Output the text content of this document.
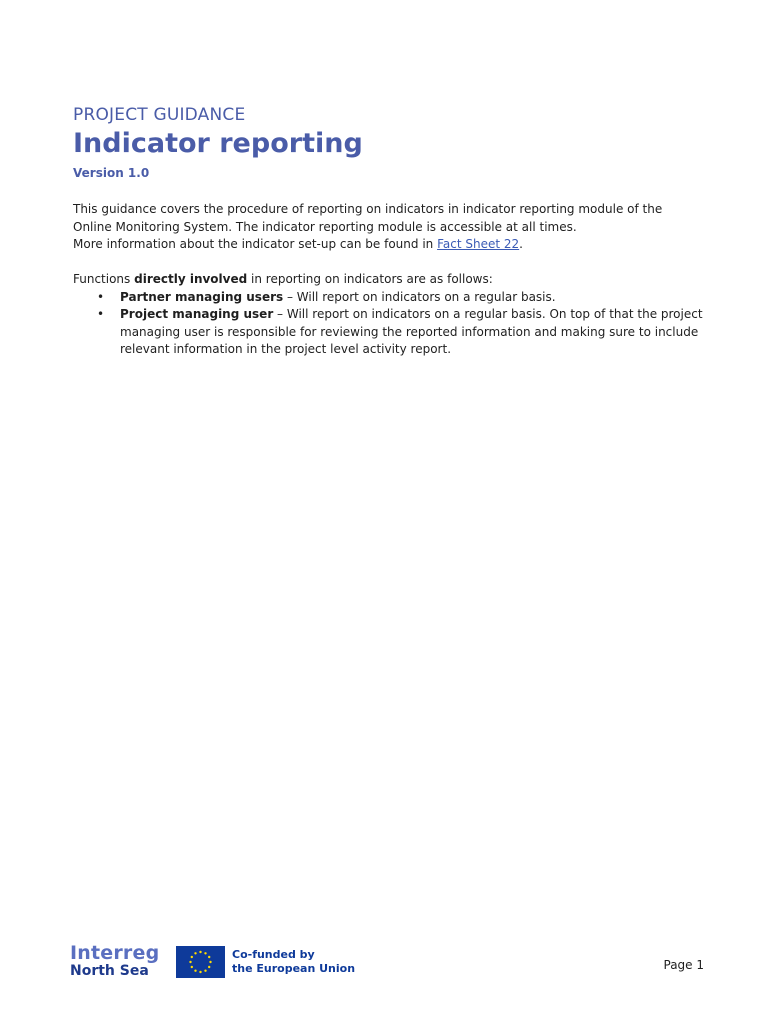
PROJECT GUIDANCE
Indicator reporting
Version 1.0

This guidance covers the procedure of reporting on indicators in indicator reporting module of the Online Monitoring System. The indicator reporting module is accessible at all times.

More information about the indicator set-up can be found in Fact Sheet 22.

Functions directly involved in reporting on indicators are as follows:

• Partner managing users – Will report on indicators on a regular basis.
• Project managing user – Will report on indicators on a regular basis. On top of that the project managing user is responsible for reviewing the reported information and making sure to include relevant information in the project level activity report.
Interreg
North Sea
Co-funded by
the European Union	Page 1
